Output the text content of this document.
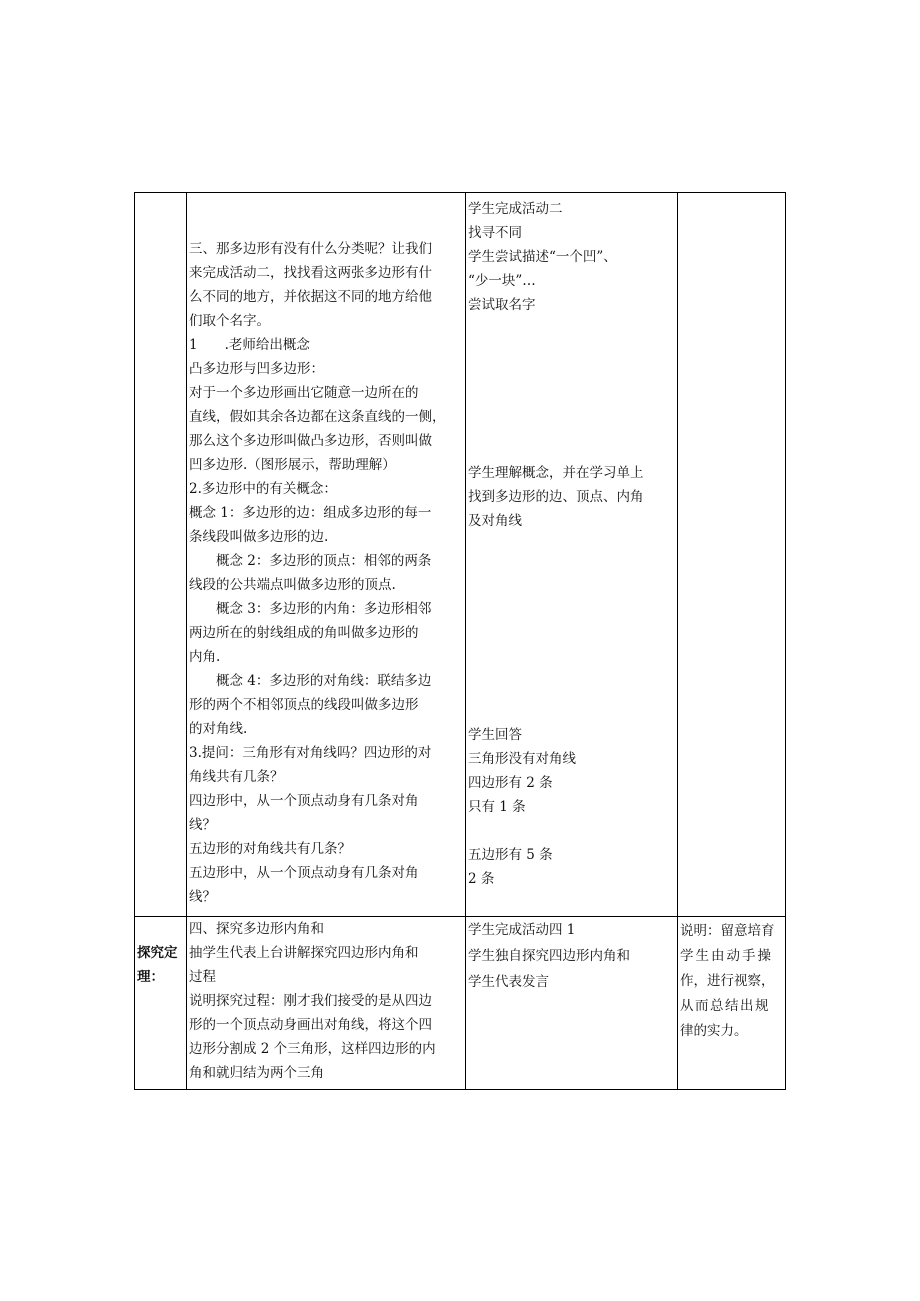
三、那多边形有没有什么分类呢？让我们
来完成活动二，找找看这两张多边形有什
么不同的地方，并依据这不同的地方给他
们取个名字。
1　　.老师给出概念
凸多边形与凹多边形：
对于一个多边形画出它随意一边所在的
直线，假如其余各边都在这条直线的一侧，
那么这个多边形叫做凸多边形，否则叫做
凹多边形.（图形展示，帮助理解）
2.多边形中的有关概念：
概念 1：多边形的边：组成多边形的每一
条线段叫做多边形的边.
　　概念 2：多边形的顶点：相邻的两条
线段的公共端点叫做多边形的顶点.
　　概念 3：多边形的内角：多边形相邻
两边所在的射线组成的角叫做多边形的
内角.
　　概念 4：多边形的对角线：联结多边
形的两个不相邻顶点的线段叫做多边形
的对角线.
3.提问：三角形有对角线吗？四边形的对
角线共有几条？
四边形中，从一个顶点动身有几条对角
线？
五边形的对角线共有几条？
五边形中，从一个顶点动身有几条对角
线？
学生完成活动二
找寻不同
学生尝试描述“一个凹”、
“少一块”…
尝试取名字
学生理解概念，并在学习单上
找到多边形的边、顶点、内角
及对角线
学生回答
三角形没有对角线
四边形有 2 条
只有 1 条
五边形有 5 条
2 条
探究定
理：
四、探究多边形内角和
抽学生代表上台讲解探究四边形内角和
过程
说明探究过程：刚才我们接受的是从四边
形的一个顶点动身画出对角线，将这个四
边形分割成 2 个三角形，这样四边形的内
角和就归结为两个三角
学生完成活动四 1
学生独自探究四边形内角和
学生代表发言
说明：留意培育
学生由动手操
作，进行视察，
从而总结出规
律的实力。
